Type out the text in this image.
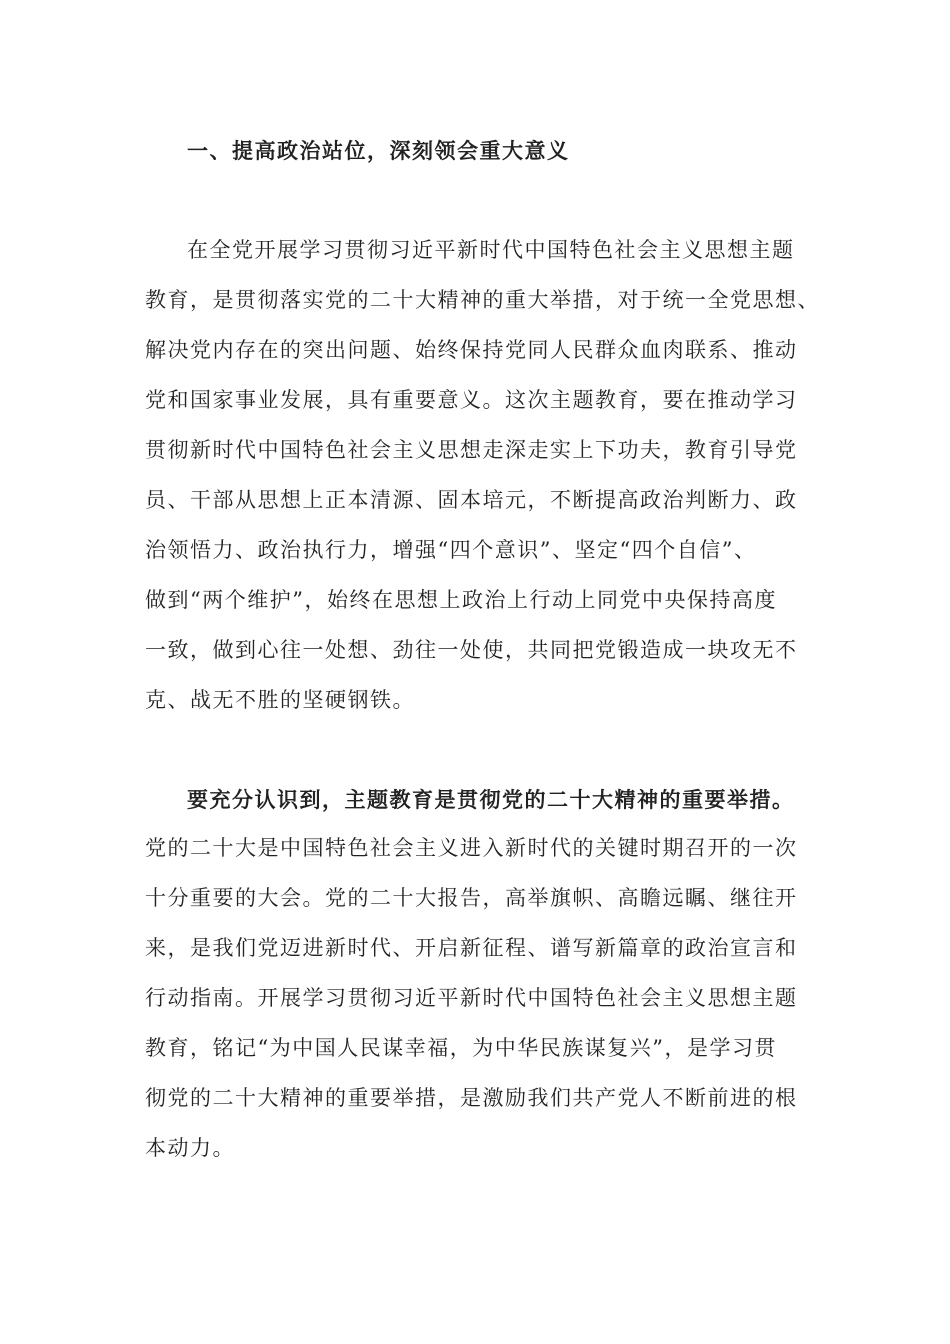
一、提高政治站位，深刻领会重大意义
在全党开展学习贯彻习近平新时代中国特色社会主义思想主题
教育，是贯彻落实党的二十大精神的重大举措，对于统一全党思想、
解决党内存在的突出问题、始终保持党同人民群众血肉联系、推动
党和国家事业发展，具有重要意义。这次主题教育，要在推动学习
贯彻新时代中国特色社会主义思想走深走实上下功夫，教育引导党
员、干部从思想上正本清源、固本培元，不断提高政治判断力、政
治领悟力、政治执行力，增强“四个意识”、坚定“四个自信”、
做到“两个维护”，始终在思想上政治上行动上同党中央保持高度
一致，做到心往一处想、劲往一处使，共同把党锻造成一块攻无不
克、战无不胜的坚硬钢铁。
要充分认识到，主题教育是贯彻党的二十大精神的重要举措。
党的二十大是中国特色社会主义进入新时代的关键时期召开的一次
十分重要的大会。党的二十大报告，高举旗帜、高瞻远瞩、继往开
来，是我们党迈进新时代、开启新征程、谱写新篇章的政治宣言和
行动指南。开展学习贯彻习近平新时代中国特色社会主义思想主题
教育，铭记“为中国人民谋幸福，为中华民族谋复兴”，是学习贯
彻党的二十大精神的重要举措，是激励我们共产党人不断前进的根
本动力。
